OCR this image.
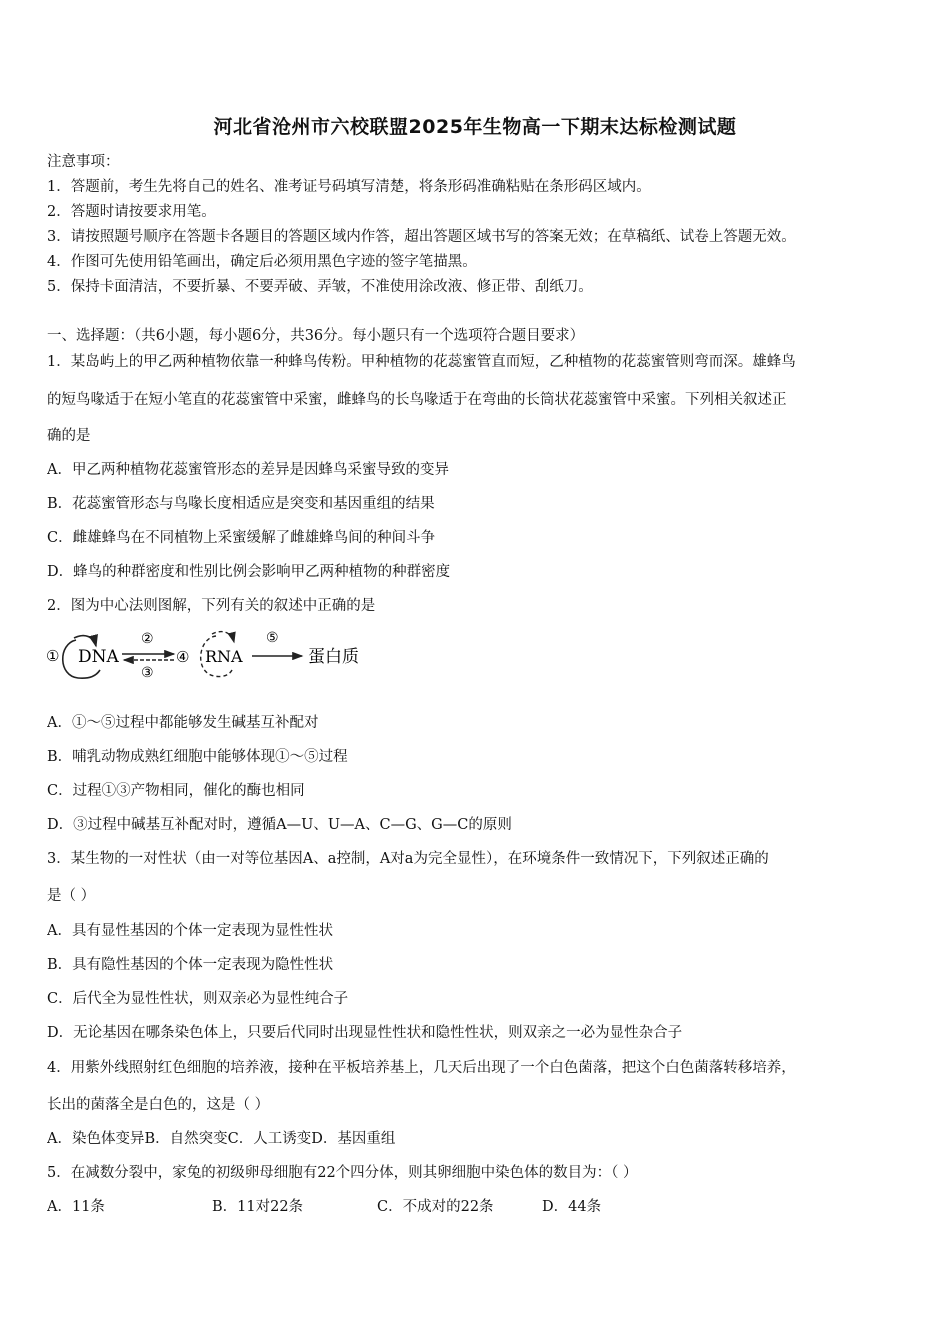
河北省沧州市六校联盟2025年生物高一下期末达标检测试题
注意事项：
1．答题前，考生先将自己的姓名、准考证号码填写清楚，将条形码准确粘贴在条形码区域内。
2．答题时请按要求用笔。
3．请按照题号顺序在答题卡各题目的答题区域内作答，超出答题区域书写的答案无效；在草稿纸、试卷上答题无效。
4．作图可先使用铅笔画出，确定后必须用黑色字迹的签字笔描黑。
5．保持卡面清洁，不要折暴、不要弄破、弄皱，不准使用涂改液、修正带、刮纸刀。
一、选择题：（共6小题，每小题6分，共36分。每小题只有一个选项符合题目要求）
1．某岛屿上的甲乙两种植物依靠一种蜂鸟传粉。甲种植物的花蕊蜜管直而短，乙种植物的花蕊蜜管则弯而深。雄蜂鸟
的短鸟喙适于在短小笔直的花蕊蜜管中采蜜，雌蜂鸟的长鸟喙适于在弯曲的长筒状花蕊蜜管中采蜜。下列相关叙述正
确的是
A．甲乙两种植物花蕊蜜管形态的差异是因蜂鸟采蜜导致的变异
B．花蕊蜜管形态与鸟喙长度相适应是突变和基因重组的结果
C．雌雄蜂鸟在不同植物上采蜜缓解了雌雄蜂鸟间的种间斗争
D．蜂鸟的种群密度和性别比例会影响甲乙两种植物的种群密度
2．图为中心法则图解，下列有关的叙述中正确的是
① DNA
②
③
④ RNA
⑤
蛋白质
A．①～⑤过程中都能够发生碱基互补配对
B．哺乳动物成熟红细胞中能够体现①～⑤过程
C．过程①③产物相同，催化的酶也相同
D．③过程中碱基互补配对时，遵循A—U、U—A、C—G、G—C的原则
3．某生物的一对性状（由一对等位基因A、a控制，A对a为完全显性），在环境条件一致情况下，下列叙述正确的
是（ ）
A．具有显性基因的个体一定表现为显性性状
B．具有隐性基因的个体一定表现为隐性性状
C．后代全为显性性状，则双亲必为显性纯合子
D．无论基因在哪条染色体上，只要后代同时出现显性性状和隐性性状，则双亲之一必为显性杂合子
4．用紫外线照射红色细胞的培养液，接种在平板培养基上，几天后出现了一个白色菌落，把这个白色菌落转移培养，
长出的菌落全是白色的，这是（ ）
A．染色体变异B．自然突变C．人工诱变D．基因重组
5．在减数分裂中，家兔的初级卵母细胞有22个四分体，则其卵细胞中染色体的数目为：（ ）
A．11条	B．11对22条	C．不成对的22条	D．44条
